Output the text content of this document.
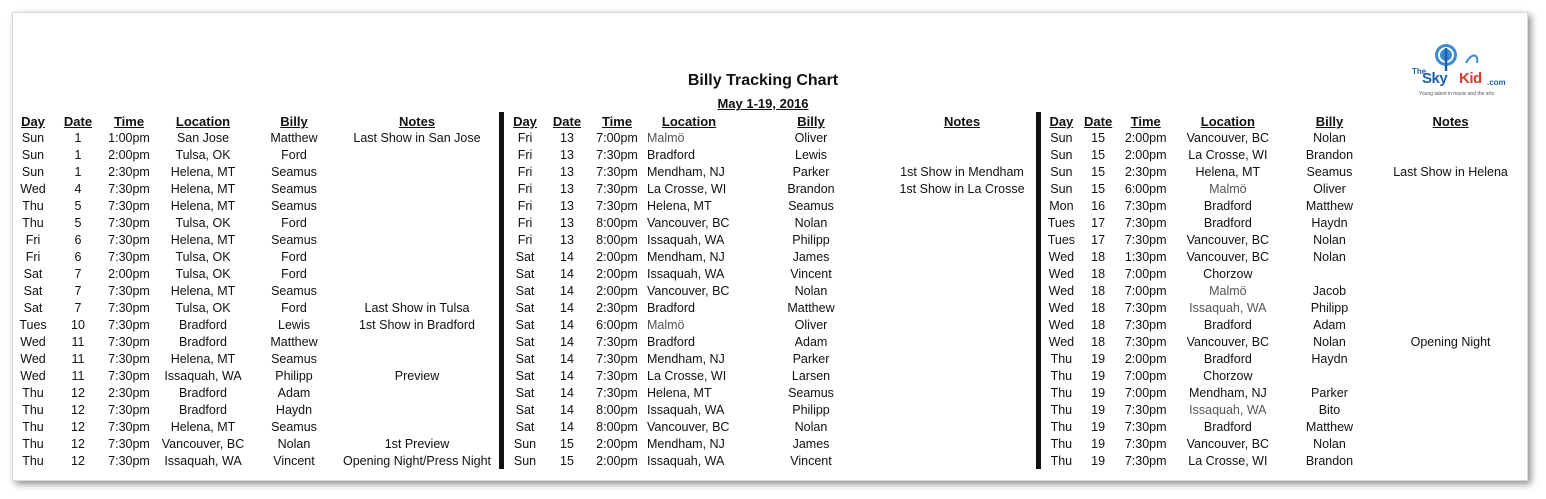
Billy Tracking Chart
May 1-19, 2016
The
Sky Kid .com
Young talent in music and the arts
Day	Date	Time	Location	Billy	Notes
Sun	1	1:00pm	San Jose	Matthew	Last Show in San Jose
Sun	1	2:00pm	Tulsa, OK	Ford	
Sun	1	2:30pm	Helena, MT	Seamus	
Wed	4	7:30pm	Helena, MT	Seamus	
Thu	5	7:30pm	Helena, MT	Seamus	
Thu	5	7:30pm	Tulsa, OK	Ford	
Fri	6	7:30pm	Helena, MT	Seamus	
Fri	6	7:30pm	Tulsa, OK	Ford	
Sat	7	2:00pm	Tulsa, OK	Ford	
Sat	7	7:30pm	Helena, MT	Seamus	
Sat	7	7:30pm	Tulsa, OK	Ford	Last Show in Tulsa
Tues	10	7:30pm	Bradford	Lewis	1st Show in Bradford
Wed	11	7:30pm	Bradford	Matthew	
Wed	11	7:30pm	Helena, MT	Seamus	
Wed	11	7:30pm	Issaquah, WA	Philipp	Preview
Thu	12	2:30pm	Bradford	Adam	
Thu	12	7:30pm	Bradford	Haydn	
Thu	12	7:30pm	Helena, MT	Seamus	
Thu	12	7:30pm	Vancouver, BC	Nolan	1st Preview
Thu	12	7:30pm	Issaquah, WA	Vincent	Opening Night/Press Night
Day	Date	Time	Location	Billy	Notes
Fri	13	7:00pm	Malmö	Oliver	
Fri	13	7:30pm	Bradford	Lewis	
Fri	13	7:30pm	Mendham, NJ	Parker	1st Show in Mendham
Fri	13	7:30pm	La Crosse, WI	Brandon	1st Show in La Crosse
Fri	13	7:30pm	Helena, MT	Seamus	
Fri	13	8:00pm	Vancouver, BC	Nolan	
Fri	13	8:00pm	Issaquah, WA	Philipp	
Sat	14	2:00pm	Mendham, NJ	James	
Sat	14	2:00pm	Issaquah, WA	Vincent	
Sat	14	2:00pm	Vancouver, BC	Nolan	
Sat	14	2:30pm	Bradford	Matthew	
Sat	14	6:00pm	Malmö	Oliver	
Sat	14	7:30pm	Bradford	Adam	
Sat	14	7:30pm	Mendham, NJ	Parker	
Sat	14	7:30pm	La Crosse, WI	Larsen	
Sat	14	7:30pm	Helena, MT	Seamus	
Sat	14	8:00pm	Issaquah, WA	Philipp	
Sat	14	8:00pm	Vancouver, BC	Nolan	
Sun	15	2:00pm	Mendham, NJ	James	
Sun	15	2:00pm	Issaquah, WA	Vincent	
Day	Date	Time	Location	Billy	Notes
Sun	15	2:00pm	Vancouver, BC	Nolan	
Sun	15	2:00pm	La Crosse, WI	Brandon	
Sun	15	2:30pm	Helena, MT	Seamus	Last Show in Helena
Sun	15	6:00pm	Malmö	Oliver	
Mon	16	7:30pm	Bradford	Matthew	
Tues	17	7:30pm	Bradford	Haydn	
Tues	17	7:30pm	Vancouver, BC	Nolan	
Wed	18	1:30pm	Vancouver, BC	Nolan	
Wed	18	7:00pm	Chorzow		
Wed	18	7:00pm	Malmö	Jacob	
Wed	18	7:30pm	Issaquah, WA	Philipp	
Wed	18	7:30pm	Bradford	Adam	
Wed	18	7:30pm	Vancouver, BC	Nolan	Opening Night
Thu	19	2:00pm	Bradford	Haydn	
Thu	19	7:00pm	Chorzow		
Thu	19	7:00pm	Mendham, NJ	Parker	
Thu	19	7:30pm	Issaquah, WA	Bito	
Thu	19	7:30pm	Bradford	Matthew	
Thu	19	7:30pm	Vancouver, BC	Nolan	
Thu	19	7:30pm	La Crosse, WI	Brandon	
